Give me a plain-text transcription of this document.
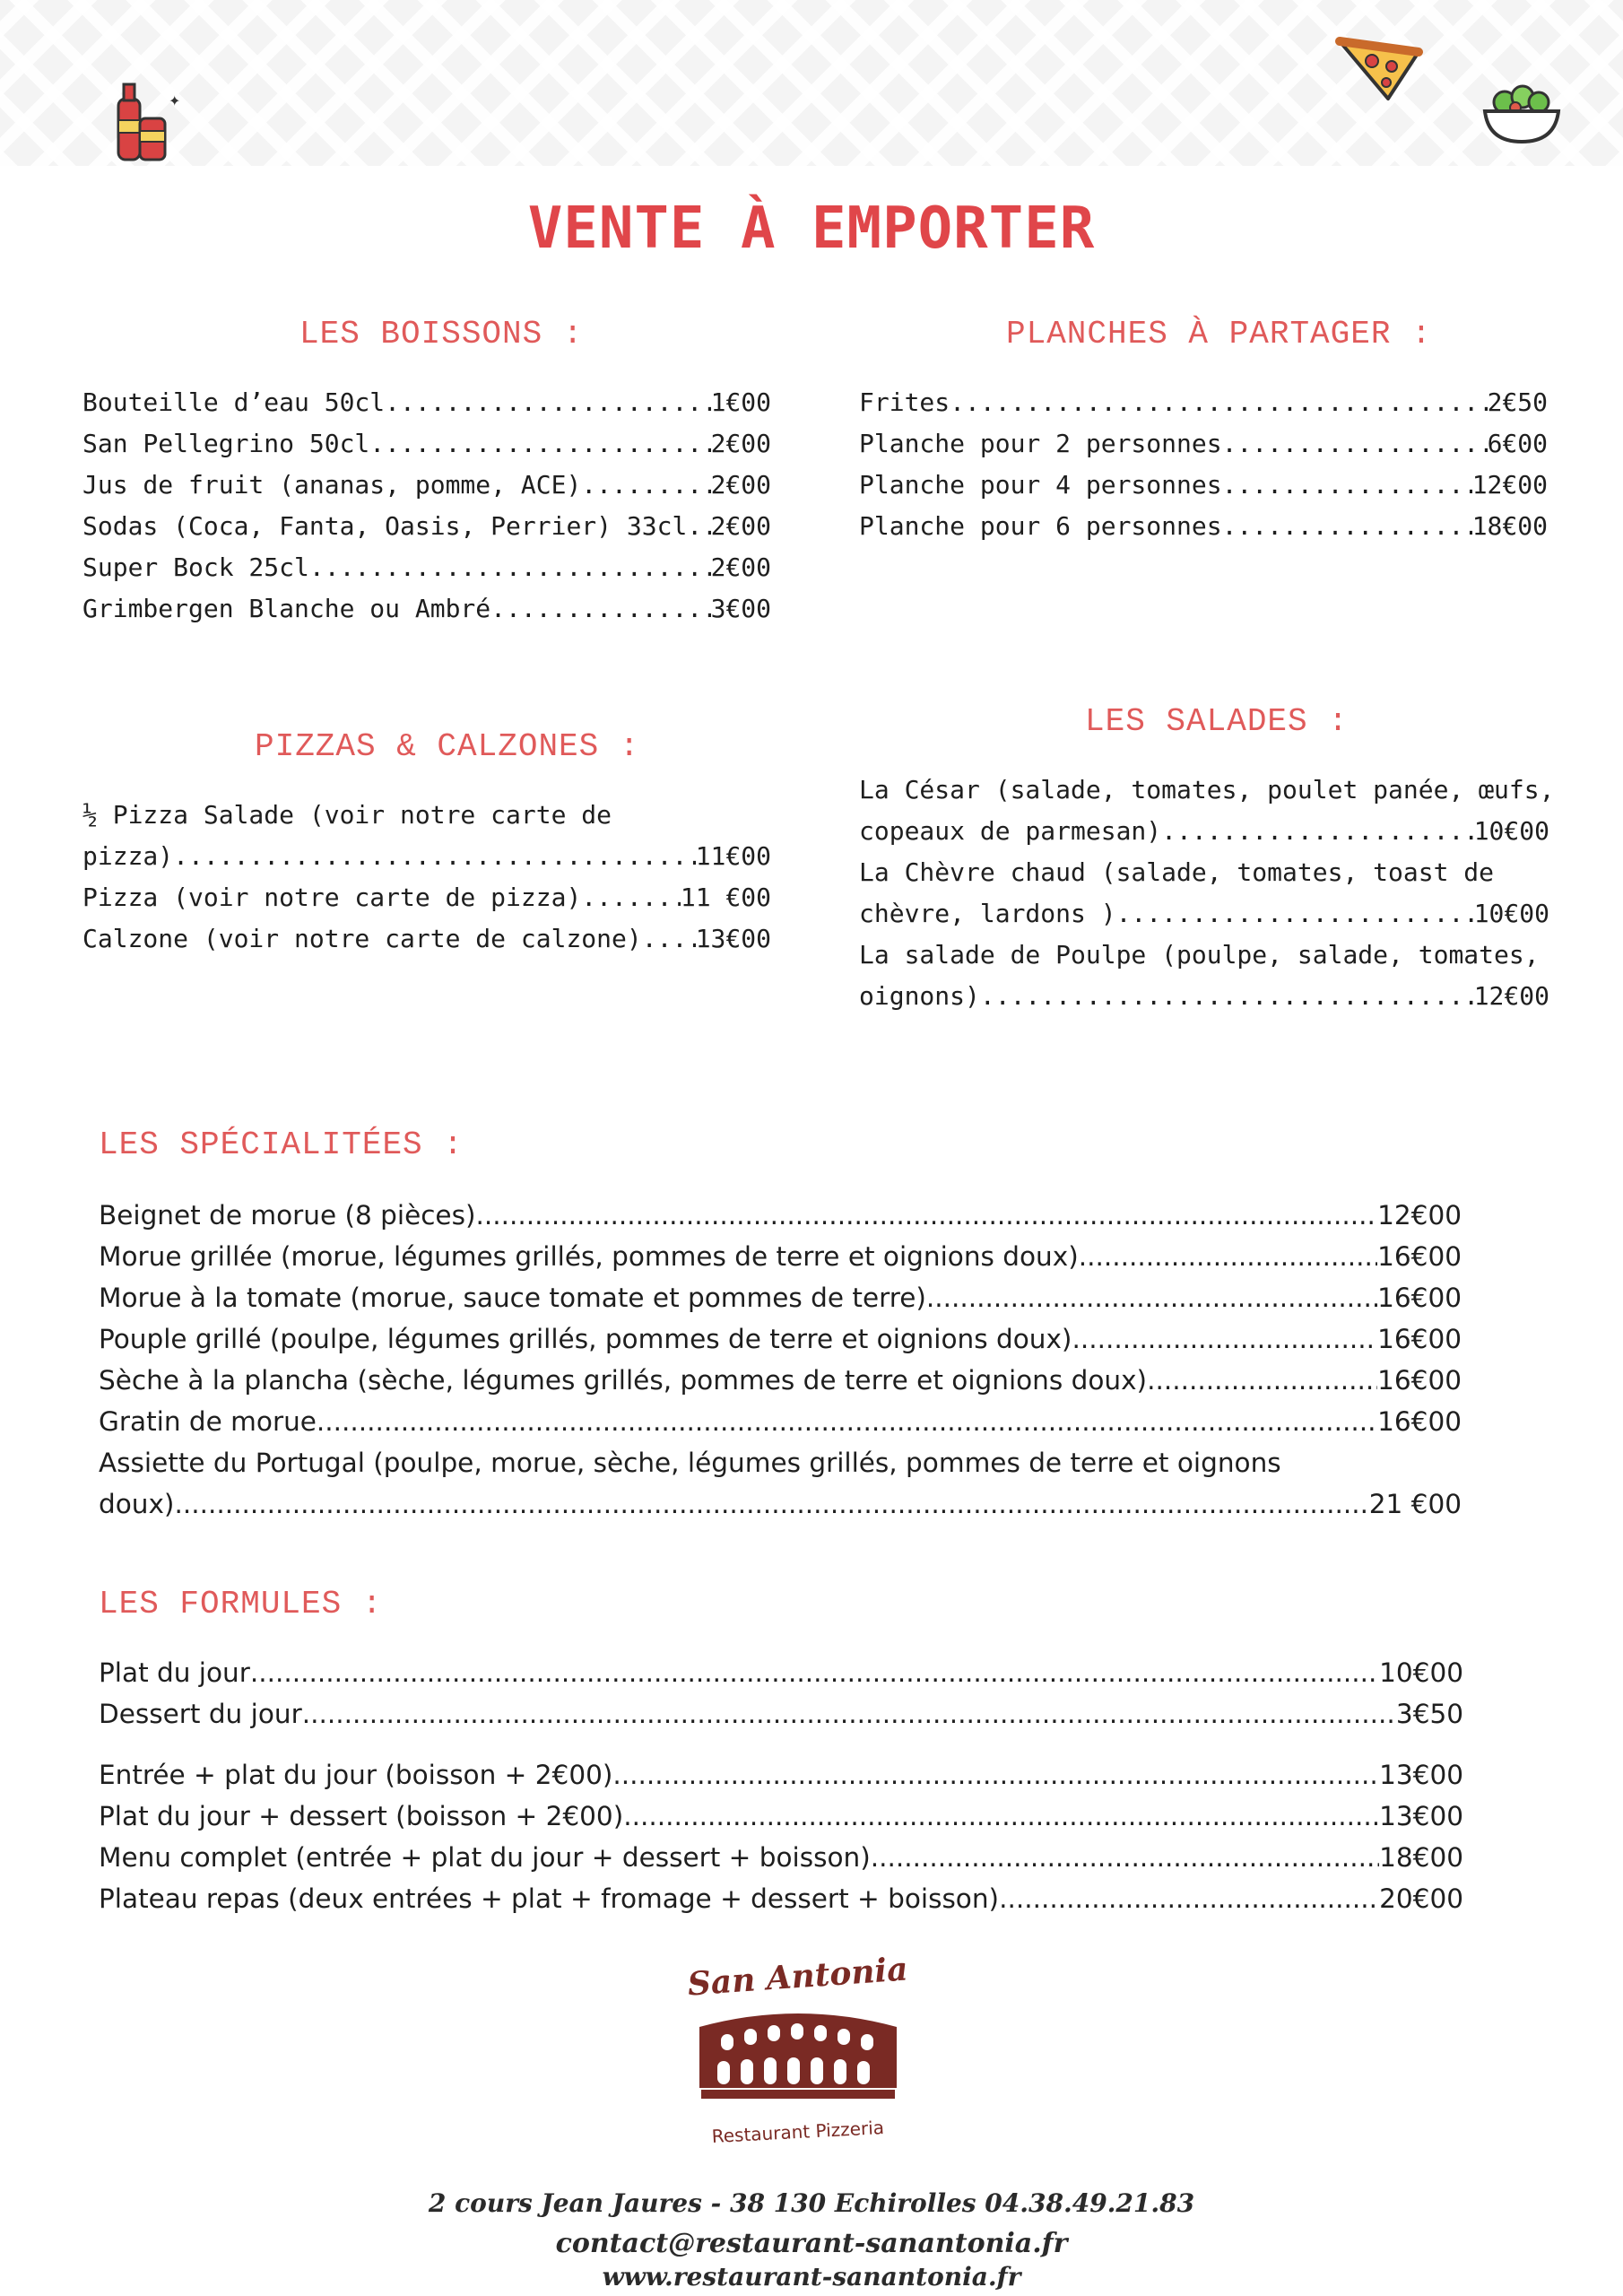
✦
VENTE À EMPORTER
LES BOISSONS :
Bouteille d’eau 50cl .....	1€00
San Pellegrino 50cl .....	2€00
Jus de fruit (ananas, pomme, ACE) .....	2€00
Sodas (Coca, Fanta, Oasis, Perrier) 33cl ..... 2€00
Super Bock 25cl .....	2€00
Grimbergen Blanche ou Ambré .....	3€00
PLANCHES À PARTAGER :
Frites .....	2€50
Planche pour 2 personnes .....	6€00
Planche pour 4 personnes .....	12€00
Planche pour 6 personnes .....	18€00
PIZZAS & CALZONES :
½ Pizza Salade (voir notre carte de
pizza) .....	11€00
Pizza (voir notre carte de pizza) .....	11 €00
Calzone (voir notre carte de calzone) ..... 13€00
LES SALADES :
La César (salade, tomates, poulet panée, œufs,
copeaux de parmesan) .....	10€00
La Chèvre chaud (salade, tomates, toast de
chèvre, lardons ) .....	10€00
La salade de Poulpe (poulpe, salade, tomates,
oignons) .....	12€00
LES SPÉCIALITÉES :
Beignet de morue (8 pièces) .....	12€00
Morue grillée (morue, légumes grillés, pommes de terre et oignions doux) .....	16€00
Morue à la tomate (morue, sauce tomate et pommes de terre) .....	16€00
Pouple grillé (poulpe, légumes grillés, pommes de terre et oignions doux) .....	16€00
Sèche à la plancha (sèche, légumes grillés, pommes de terre et oignions doux) .....	16€00
Gratin de morue .....	16€00
Assiette du Portugal (poulpe, morue, sèche, légumes grillés, pommes de terre et oignons
doux) .....	21 €00
LES FORMULES :
Plat du jour .....	10€00
Dessert du jour .....	3€50
Entrée + plat du jour (boisson + 2€00) .....	13€00
Plat du jour + dessert (boisson + 2€00) .....	13€00
Menu complet (entrée + plat du jour + dessert + boisson) .....	18€00
Plateau repas (deux entrées + plat + fromage + dessert + boisson) .....	20€00
San Antonia
Restaurant Pizzeria
2 cours Jean Jaures - 38 130 Echirolles 04.38.49.21.83
contact@restaurant-sanantonia.fr
www.restaurant-sanantonia.fr
